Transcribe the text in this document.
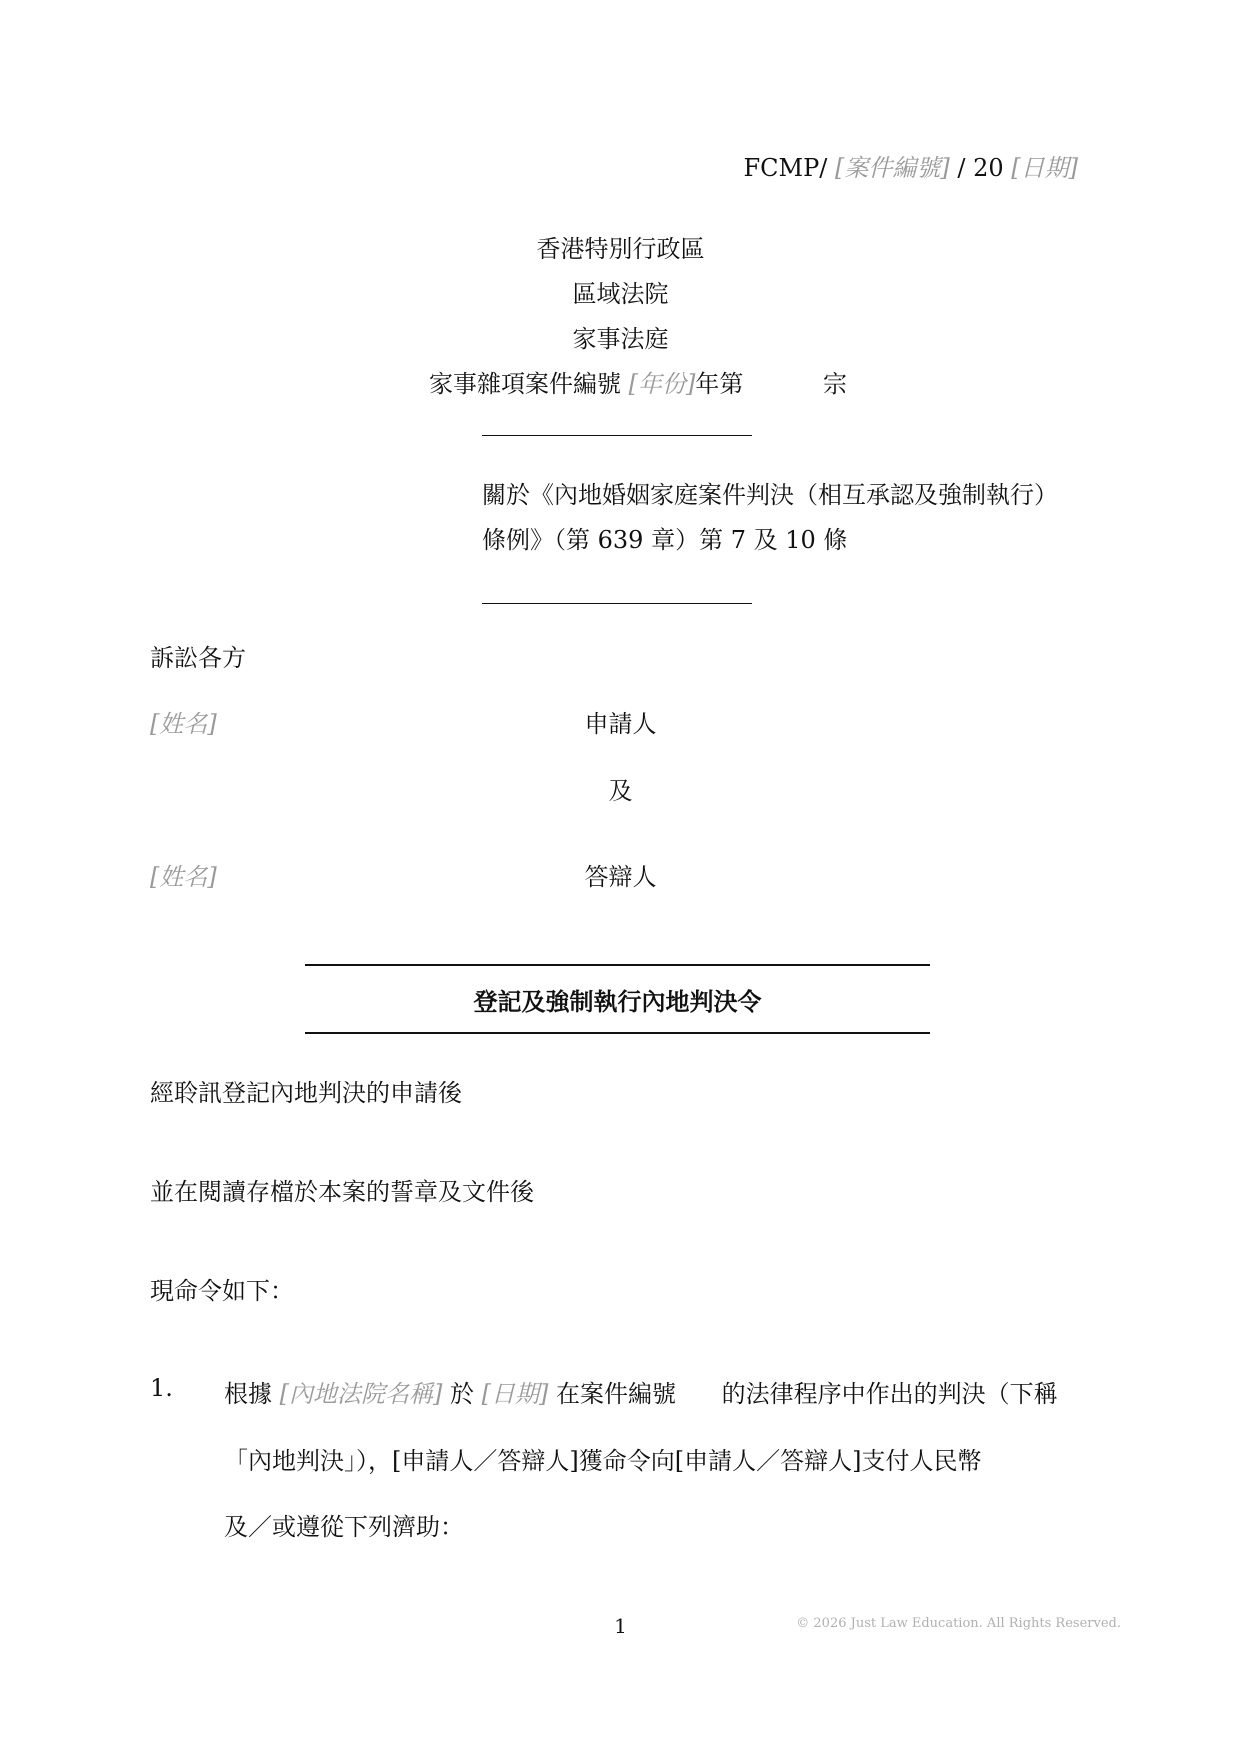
FCMP/ [案件編號] / 20 [日期]
香港特別行政區
區域法院
家事法庭
家事雜項案件編號 [年份]年第	宗
關於《內地婚姻家庭案件判決（相互承認及強制執行）
條例》（第 639 章）第 7 及 10 條
訴訟各方
[姓名]	申請人
及
[姓名]	答辯人
登記及強制執行內地判決令
經聆訊登記內地判決的申請後
並在閱讀存檔於本案的誓章及文件後
現命令如下：
1. 根據 [內地法院名稱] 於 [日期] 在案件編號 的法律程序中作出的判決（下稱
「內地判決」），[申請人／答辯人]獲命令向[申請人／答辯人]支付人民幣
及／或遵從下列濟助：
1	© 2026 Just Law Education. All Rights Reserved.
